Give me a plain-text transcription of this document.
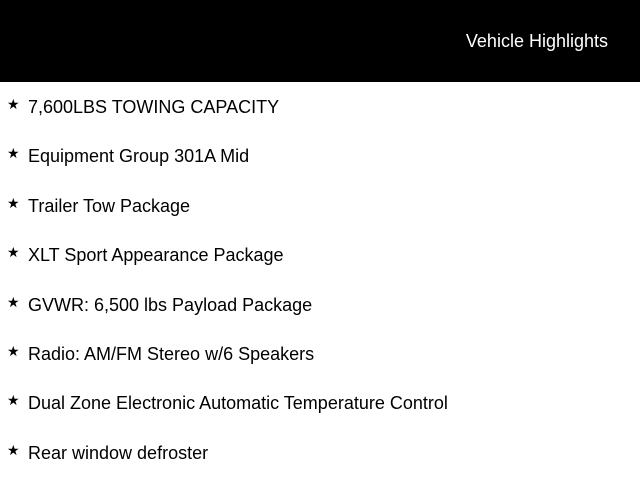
Vehicle Highlights
★ 7,600LBS TOWING CAPACITY
★ Equipment Group 301A Mid
★ Trailer Tow Package
★ XLT Sport Appearance Package
★ GVWR: 6,500 lbs Payload Package
★ Radio: AM/FM Stereo w/6 Speakers
★ Dual Zone Electronic Automatic Temperature Control
★ Rear window defroster
